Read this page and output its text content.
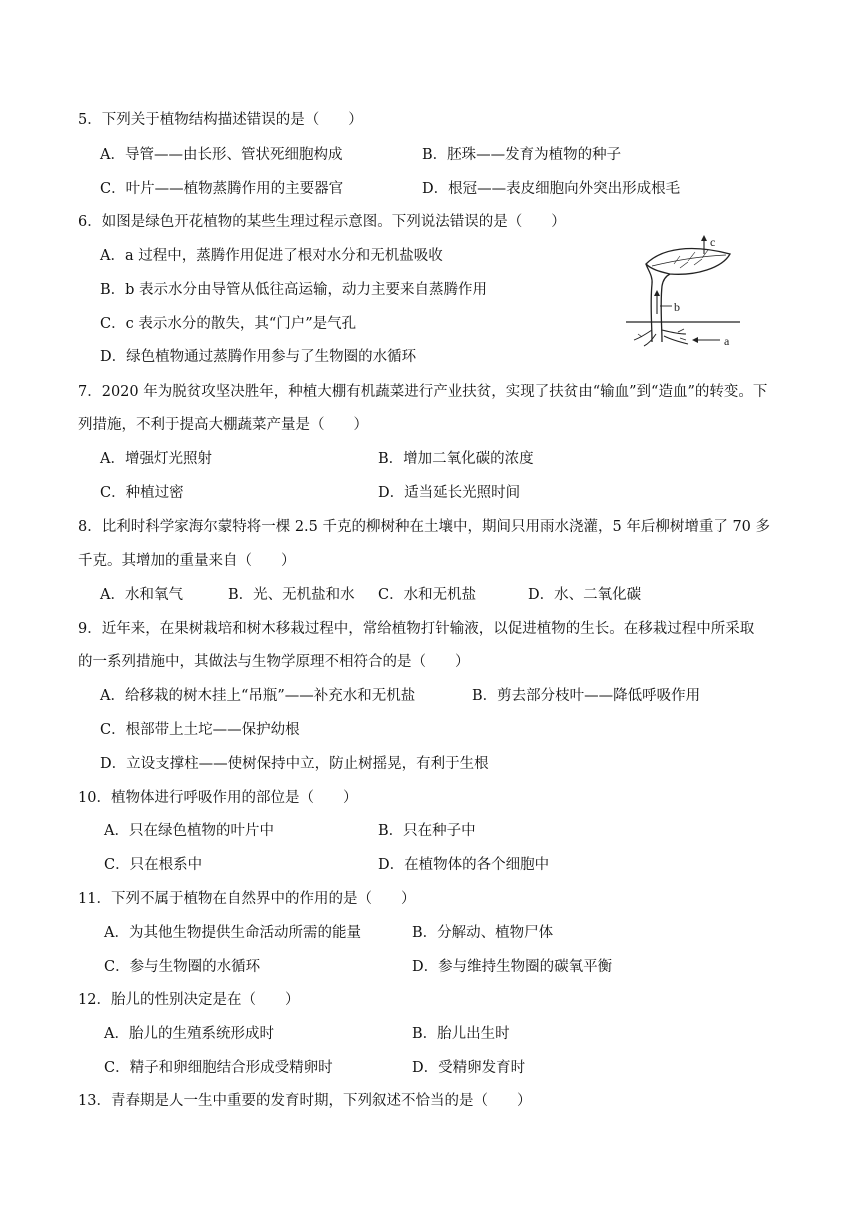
5．下列关于植物结构描述错误的是（　　）
A．导管——由长形、管状死细胞构成	B．胚珠——发育为植物的种子
C．叶片——植物蒸腾作用的主要器官	D．根冠——表皮细胞向外突出形成根毛
6．如图是绿色开花植物的某些生理过程示意图。下列说法错误的是（　　）
A．a 过程中，蒸腾作用促进了根对水分和无机盐吸收
B．b 表示水分由导管从低往高运输，动力主要来自蒸腾作用
C．c 表示水分的散失，其“门户”是气孔
D．绿色植物通过蒸腾作用参与了生物圈的水循环
c
b
a
7．2020 年为脱贫攻坚决胜年，种植大棚有机蔬菜进行产业扶贫，实现了扶贫由“输血”到“造血”的转变。下
列措施，不利于提高大棚蔬菜产量是（　　）
A．增强灯光照射	B．增加二氧化碳的浓度
C．种植过密	D．适当延长光照时间
8．比利时科学家海尔蒙特将一棵 2.5 千克的柳树种在土壤中，期间只用雨水浇灌，5 年后柳树增重了 70 多
千克。其增加的重量来自（　　）
A．水和氧气	B．光、无机盐和水 C．水和无机盐	D．水、二氧化碳
9．近年来，在果树栽培和树木移栽过程中，常给植物打针输液，以促进植物的生长。在移栽过程中所采取
的一系列措施中，其做法与生物学原理不相符合的是（　　）
A．给移栽的树木挂上“吊瓶”——补充水和无机盐	B．剪去部分枝叶——降低呼吸作用
C．根部带上土坨——保护幼根
D．立设支撑柱——使树保持中立，防止树摇晃，有利于生根
10．植物体进行呼吸作用的部位是（　　）
A．只在绿色植物的叶片中	B．只在种子中
C．只在根系中	D．在植物体的各个细胞中
11．下列不属于植物在自然界中的作用的是（　　）
A．为其他生物提供生命活动所需的能量	B．分解动、植物尸体
C．参与生物圈的水循环	D．参与维持生物圈的碳氧平衡
12．胎儿的性别决定是在（　　）
A．胎儿的生殖系统形成时	B．胎儿出生时
C．精子和卵细胞结合形成受精卵时	D．受精卵发育时
13．青春期是人一生中重要的发育时期，下列叙述不恰当的是（　　）
